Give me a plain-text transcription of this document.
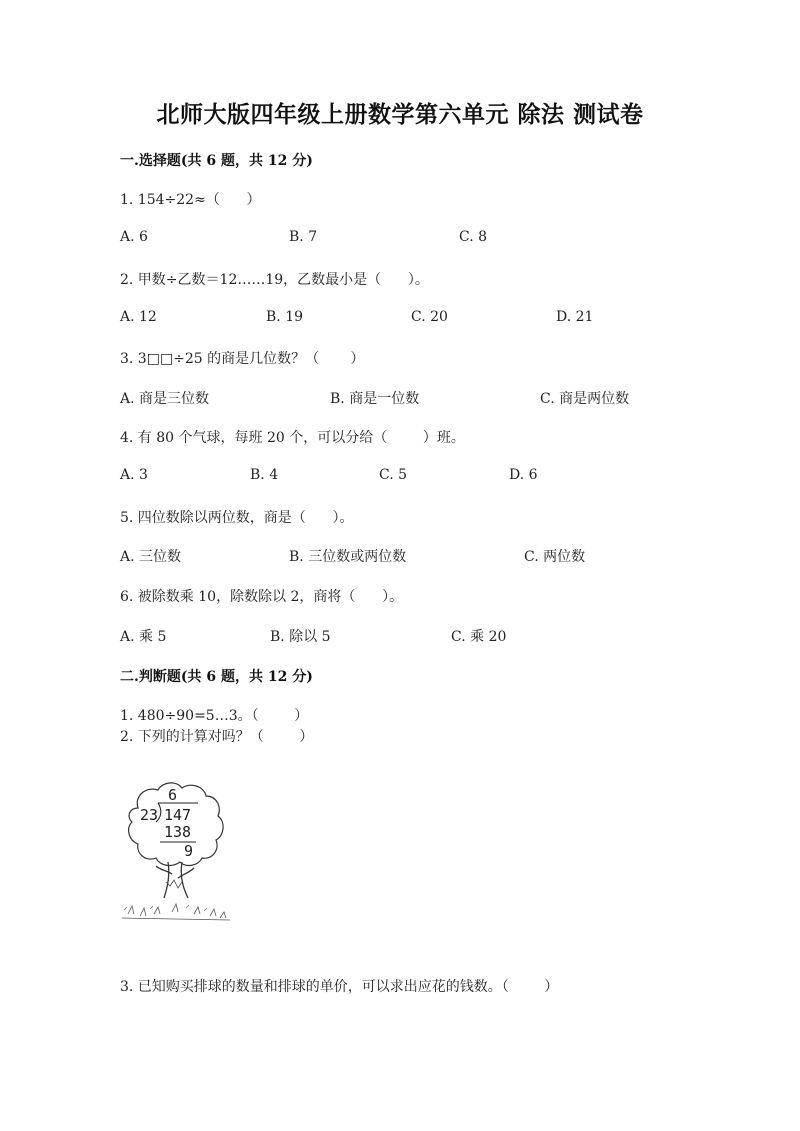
北师大版四年级上册数学第六单元 除法 测试卷
一.选择题(共 6 题，共 12 分)
1. 154÷22≈（      ）
A. 6	B. 7	C. 8
2. 甲数÷乙数＝12……19，乙数最小是（      ）。
A. 12	B. 19	C. 20	D. 21
3. 3□□÷25 的商是几位数？（       ）
A. 商是三位数	B. 商是一位数	C. 商是两位数
4. 有 80 个气球，每班 20 个，可以分给（        ）班。
A. 3	B. 4	C. 5	D. 6
5. 四位数除以两位数，商是（      ）。
A. 三位数	B. 三位数或两位数	C. 两位数
6. 被除数乘 10，除数除以 2，商将（      ）。
A. 乘 5	B. 除以 5	C. 乘 20
二.判断题(共 6 题，共 12 分)
1. 480÷90=5…3。（        ）
2. 下列的计算对吗？（        ）
6
23 147
138
9
3. 已知购买排球的数量和排球的单价，可以求出应花的钱数。（        ）
